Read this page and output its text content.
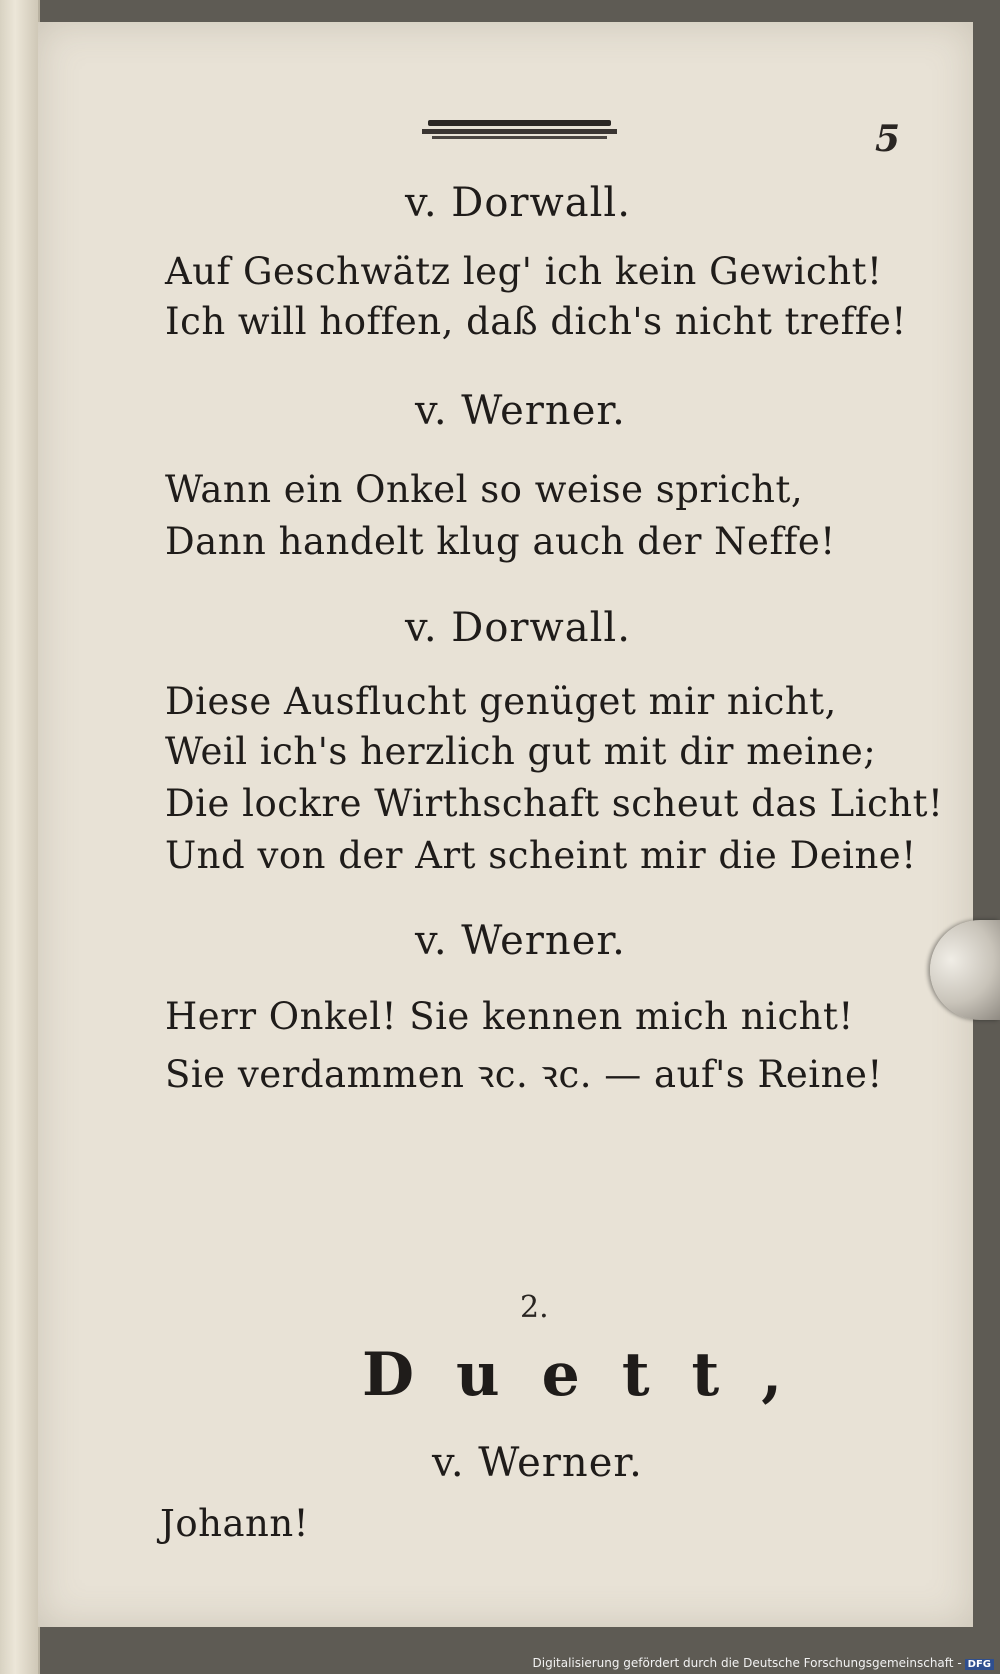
5
v. Dorwall.
Auf Geschwätz leg' ich kein Gewicht!
Ich will hoffen, daß dich's nicht treffe!
v. Werner.
Wann ein Onkel so weise spricht,
Dann handelt klug auch der Neffe!
v. Dorwall.
Diese Ausflucht genüget mir nicht,
Weil ich's herzlich gut mit dir meine;
Die lockre Wirthschaft scheut das Licht!
Und von der Art scheint mir die Deine!
v. Werner.
Herr Onkel! Sie kennen mich nicht!
Sie verdammen ꝛc. ꝛc. — auf's Reine!
2.
Duett,
v. Werner.
Johann!
Digitalisierung gefördert durch die Deutsche Forschungsgemeinschaft - DFG
